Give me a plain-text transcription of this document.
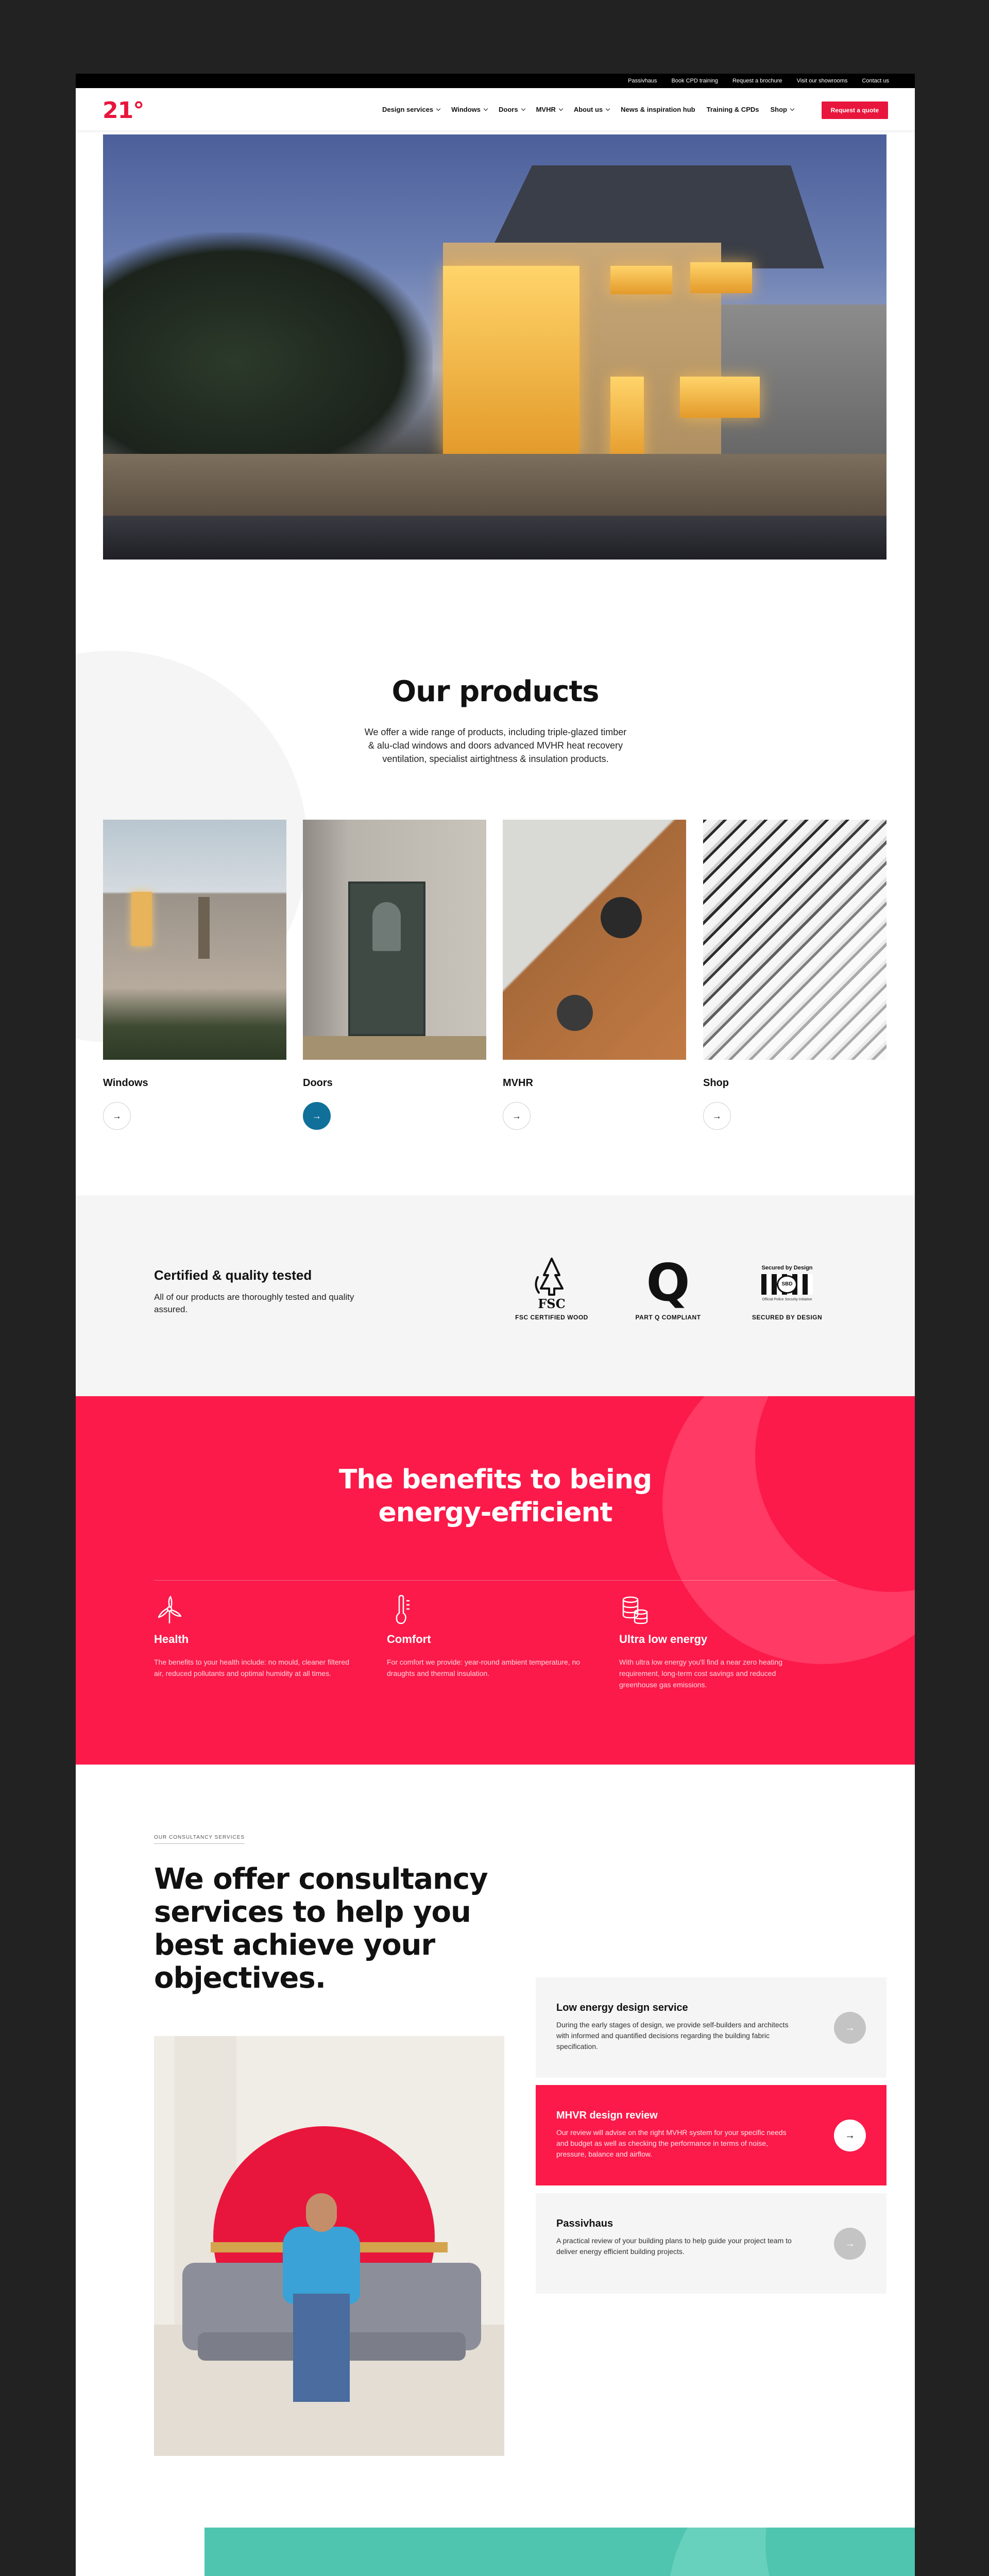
Passivhaus	Book CPD training	Request a brochure	Visit our showrooms	Contact us
21°	Design services	Windows	Doors	MVHR	About us	News & inspiration hub Training & CPDs Shop	Request a quote
Our products

We offer a wide range of products, including triple-glazed timber & alu-clad windows and doors advanced MVHR heat recovery ventilation, specialist airtightness & insulation products.

Windows
→
Doors
→
MVHR
→
Shop
→
Certified & quality tested
All of our products are thoroughly tested and quality assured.	FSC
FSC CERTIFIED WOOD
Q
PART Q COMPLIANT
Secured by Design
SBD
Official Police Security Initiative
SECURED BY DESIGN
The benefits to being
energy-efficient
Health
The benefits to your health include: no mould, cleaner filtered air, reduced pollutants and optimal humidity at all times.
Comfort
For comfort we provide: year-round ambient temperature, no draughts and thermal insulation.
Ultra low energy
With ultra low energy you'll find a near zero heating requirement, long-term cost savings and reduced greenhouse gas emissions.
OUR CONSULTANCY SERVICES
We offer consultancy services to help you best achieve your objectives.
Low energy design service
During the early stages of design, we provide self-builders and architects with informed and quantified decisions regarding the building fabric specification.
→
MHVR design review
Our review will advise on the right MVHR system for your specific needs and budget as well as checking the performance in terms of noise, pressure, balance and airflow.
→
Passivhaus
A practical review of your building plans to help guide your project team to deliver energy efficient building projects.
→
